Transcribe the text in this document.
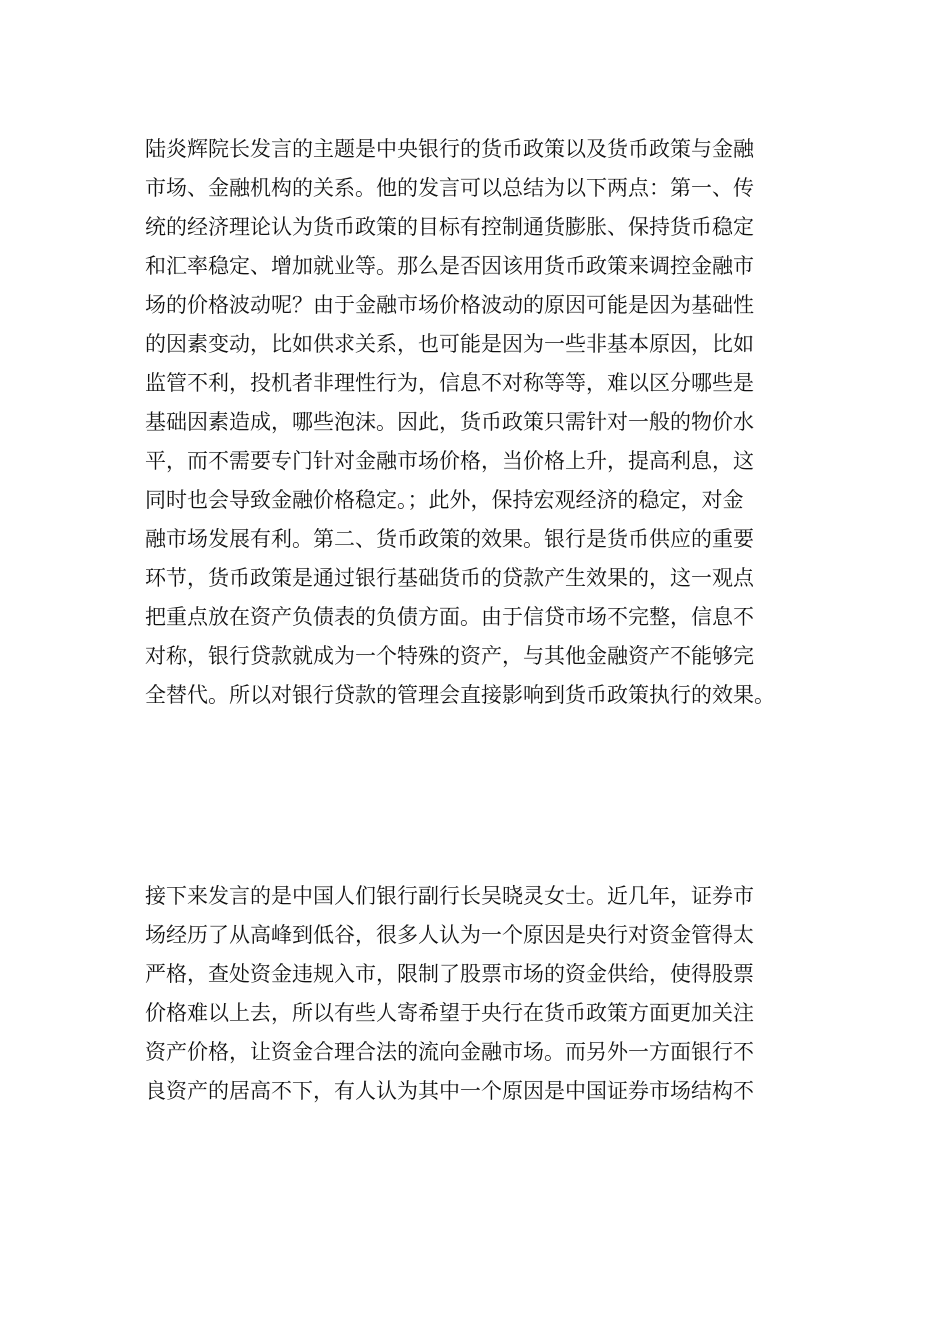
陆炎辉院长发言的主题是中央银行的货币政策以及货币政策与金融
市场、金融机构的关系。他的发言可以总结为以下两点：第一、传
统的经济理论认为货币政策的目标有控制通货膨胀、保持货币稳定
和汇率稳定、增加就业等。那么是否因该用货币政策来调控金融市
场的价格波动呢？由于金融市场价格波动的原因可能是因为基础性
的因素变动，比如供求关系，也可能是因为一些非基本原因，比如
监管不利，投机者非理性行为，信息不对称等等，难以区分哪些是
基础因素造成，哪些泡沫。因此，货币政策只需针对一般的物价水
平，而不需要专门针对金融市场价格，当价格上升，提高利息，这
同时也会导致金融价格稳定。；此外，保持宏观经济的稳定，对金
融市场发展有利。第二、货币政策的效果。银行是货币供应的重要
环节，货币政策是通过银行基础货币的贷款产生效果的，这一观点
把重点放在资产负债表的负债方面。由于信贷市场不完整，信息不
对称，银行贷款就成为一个特殊的资产，与其他金融资产不能够完
全替代。所以对银行贷款的管理会直接影响到货币政策执行的效果。
接下来发言的是中国人们银行副行长吴晓灵女士。近几年，证券市
场经历了从高峰到低谷，很多人认为一个原因是央行对资金管得太
严格，查处资金违规入市，限制了股票市场的资金供给，使得股票
价格难以上去，所以有些人寄希望于央行在货币政策方面更加关注
资产价格，让资金合理合法的流向金融市场。而另外一方面银行不
良资产的居高不下，有人认为其中一个原因是中国证券市场结构不
